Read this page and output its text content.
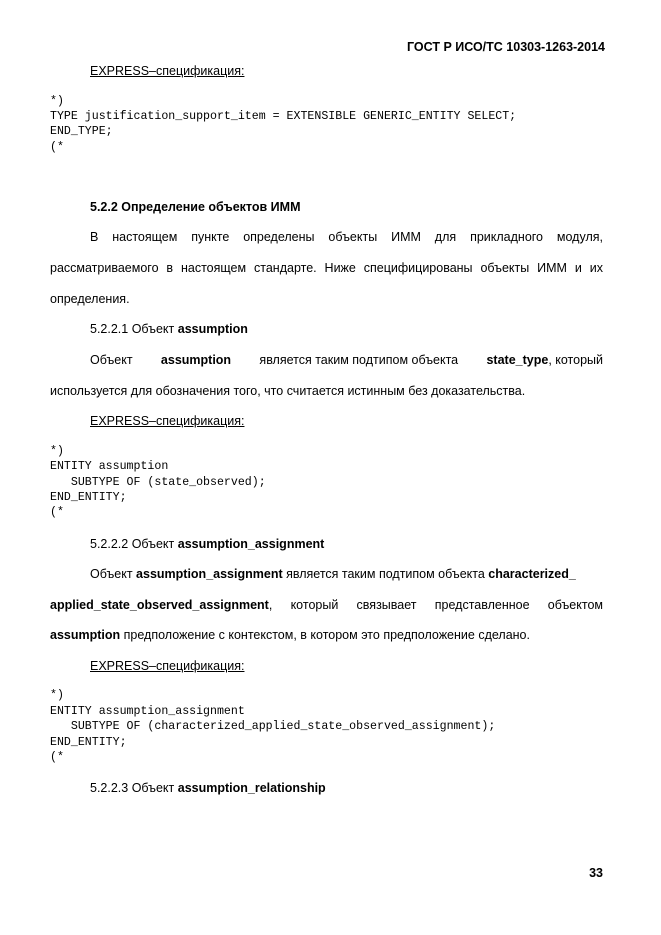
ГОСТ Р ИСО/ТС 10303-1263-2014
EXPRESS–спецификация:
*)
TYPE justification_support_item = EXTENSIBLE GENERIC_ENTITY SELECT;
END_TYPE;
(*
5.2.2 Определение объектов ИММ
В настоящем пункте определены объекты ИММ для прикладного модуля,
рассматриваемого в настоящем стандарте. Ниже специфицированы объекты ИММ и их
определения.
5.2.2.1 Объект assumption
Объект assumption является таким подтипом объекта state_type, который
используется для обозначения того, что считается истинным без доказательства.
EXPRESS–спецификация:
*)
ENTITY assumption
SUBTYPE OF (state_observed);
END_ENTITY;
(*
5.2.2.2 Объект assumption_assignment
Объект assumption_assignment является таким подтипом объекта characterized_
applied_state_observed_assignment , который связывает представленное объектом
assumption предположение с контекстом, в котором это предположение сделано.
EXPRESS–спецификация:
*)
ENTITY assumption_assignment
SUBTYPE OF (characterized_applied_state_observed_assignment);
END_ENTITY;
(*
5.2.2.3 Объект assumption_relationship
33
